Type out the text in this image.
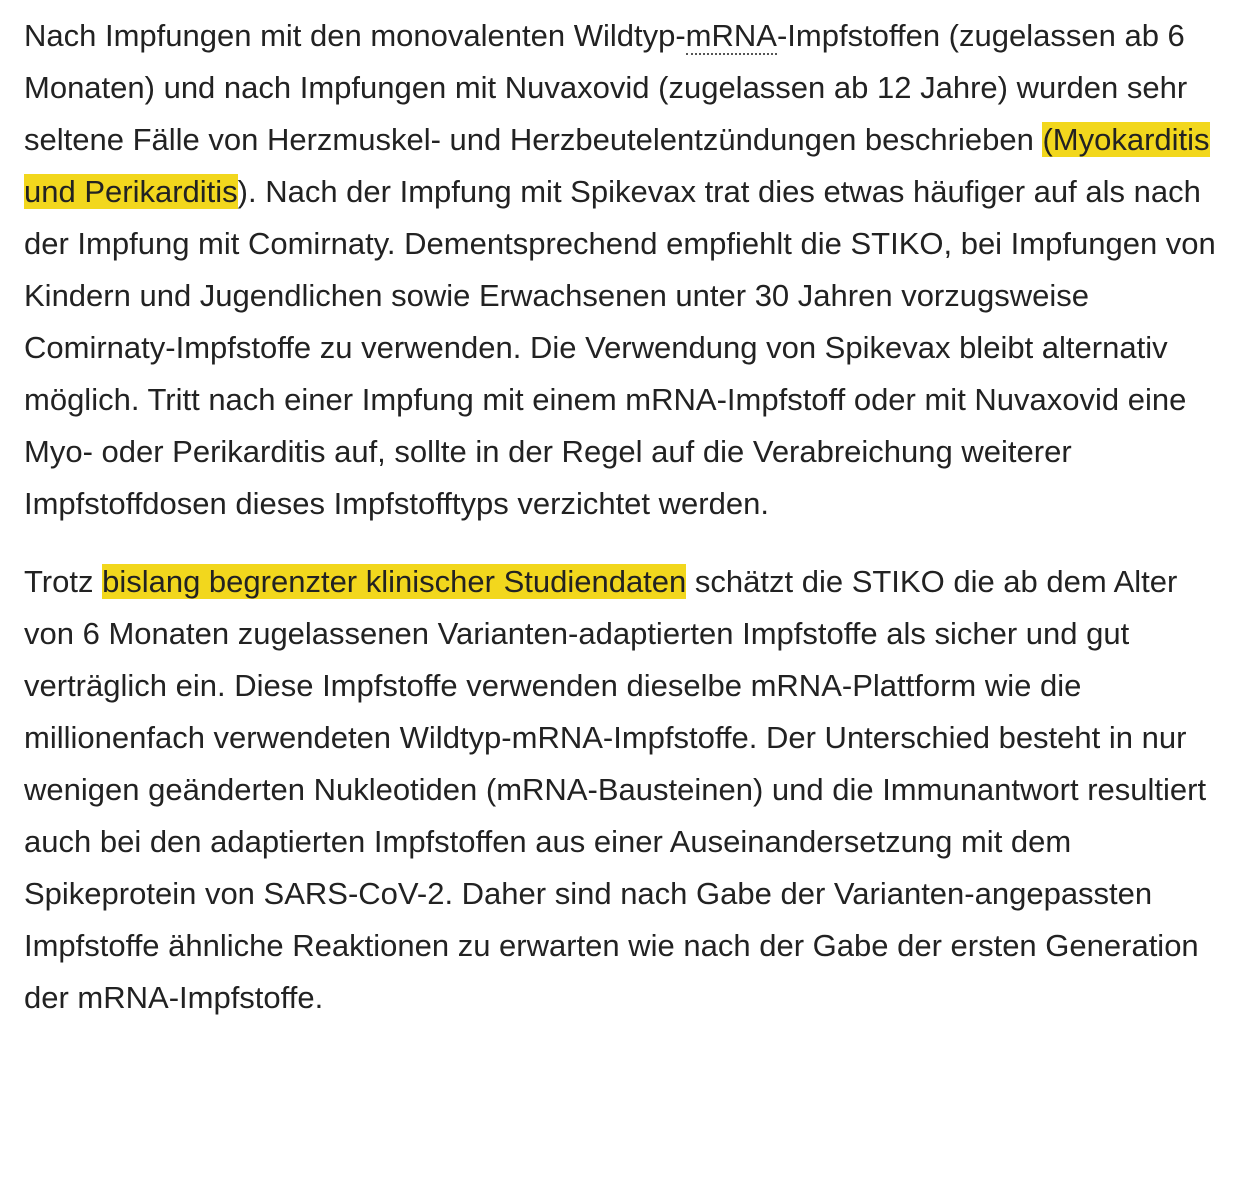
Nach Impfungen mit den monovalenten Wildtyp-mRNA-Impfstoffen (zugelassen ab 6 Monaten) und nach Impfungen mit Nuvaxovid (zugelassen ab 12 Jahre) wurden sehr seltene Fälle von Herzmuskel- und Herzbeutelentzündungen beschrieben (Myokarditis und Perikarditis). Nach der Impfung mit Spikevax trat dies etwas häufiger auf als nach der Impfung mit Comirnaty. Dementsprechend empfiehlt die STIKO, bei Impfungen von Kindern und Jugendlichen sowie Erwachsenen unter 30 Jahren vorzugsweise Comirnaty-Impfstoffe zu verwenden. Die Verwendung von Spikevax bleibt alternativ möglich. Tritt nach einer Impfung mit einem mRNA-Impfstoff oder mit Nuvaxovid eine Myo- oder Perikarditis auf, sollte in der Regel auf die Verabreichung weiterer Impfstoffdosen dieses Impfstofftyps verzichtet werden.

Trotz bislang begrenzter klinischer Studiendaten schätzt die STIKO die ab dem Alter von 6 Monaten zugelassenen Varianten-adaptierten Impfstoffe als sicher und gut verträglich ein. Diese Impfstoffe verwenden dieselbe mRNA-Plattform wie die millionenfach verwendeten Wildtyp-mRNA-Impfstoffe. Der Unterschied besteht in nur wenigen geänderten Nukleotiden (mRNA-Bausteinen) und die Immunantwort resultiert auch bei den adaptierten Impfstoffen aus einer Auseinandersetzung mit dem Spikeprotein von SARS-CoV-2. Daher sind nach Gabe der Varianten-angepassten Impfstoffe ähnliche Reaktionen zu erwarten wie nach der Gabe der ersten Generation der mRNA-Impfstoffe.
